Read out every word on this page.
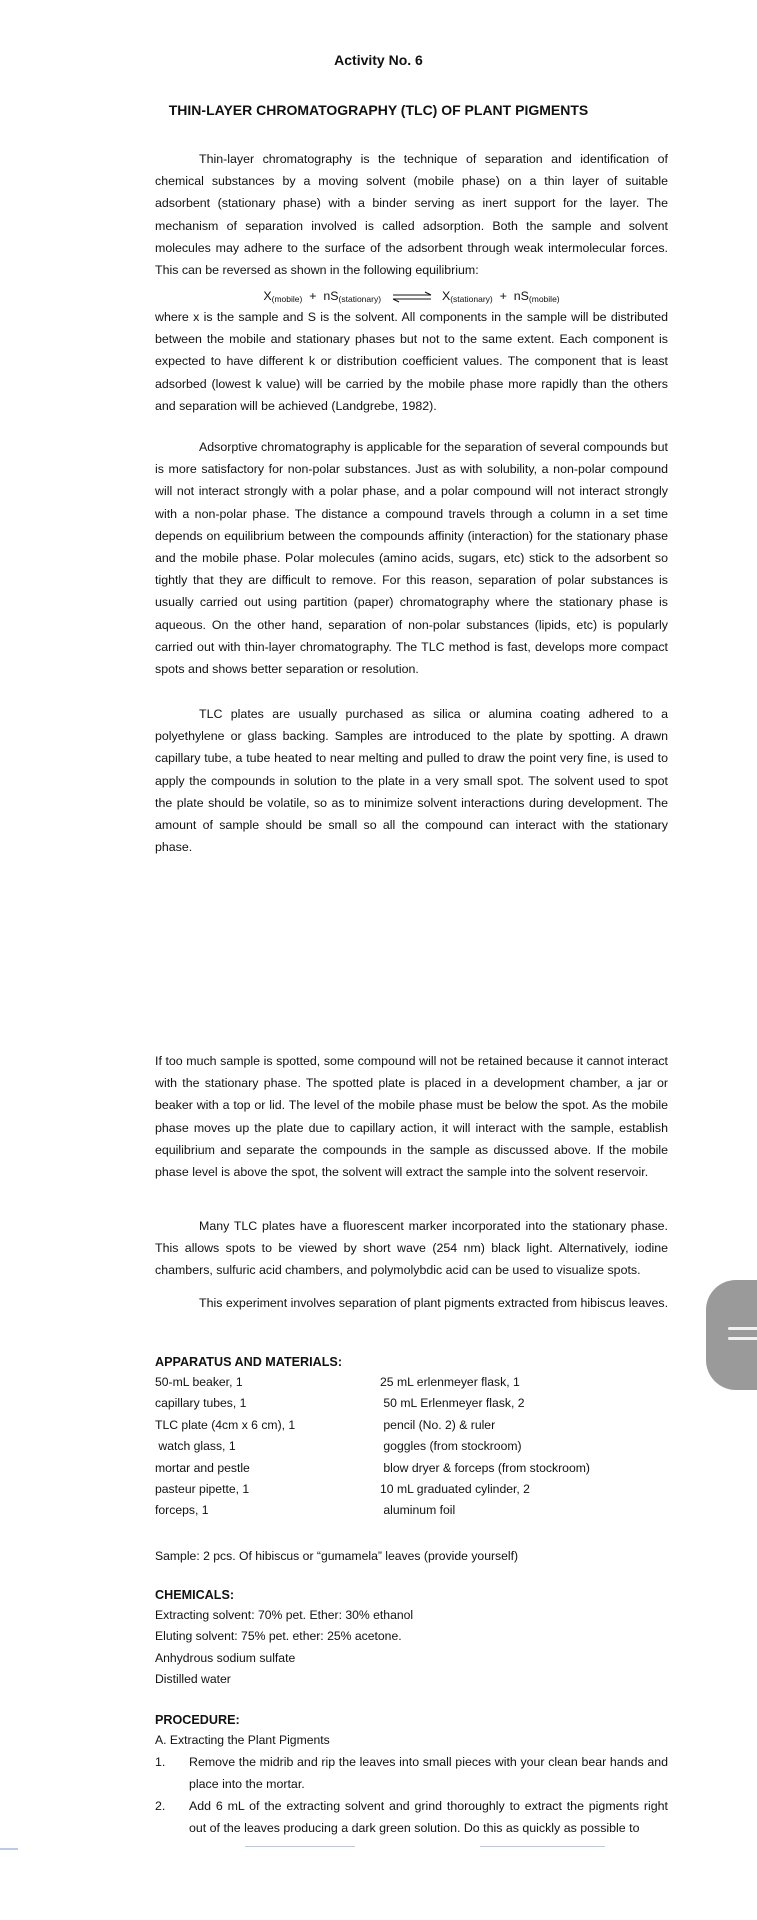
Activity No. 6
THIN-LAYER CHROMATOGRAPHY (TLC) OF PLANT PIGMENTS

Thin-layer chromatography is the technique of separation and identification of chemical substances by a moving solvent (mobile phase) on a thin layer of suitable adsorbent (stationary phase) with a binder serving as inert support for the layer. The mechanism of separation involved is called adsorption. Both the sample and solvent molecules may adhere to the surface of the adsorbent through weak intermolecular forces. This can be reversed as shown in the following equilibrium:

$X_{(mobile)} + nS_{(stationary)}$ ⇌ $X_{(stationary)} + nS_{(mobile)}$

where x is the sample and S is the solvent. All components in the sample will be distributed between the mobile and stationary phases but not to the same extent. Each component is expected to have different k or distribution coefficient values. The component that is least adsorbed (lowest k value) will be carried by the mobile phase more rapidly than the others and separation will be achieved (Landgrebe, 1982).

Adsorptive chromatography is applicable for the separation of several compounds but is more satisfactory for non-polar substances. Just as with solubility, a non-polar compound will not interact strongly with a polar phase, and a polar compound will not interact strongly with a non-polar phase. The distance a compound travels through a column in a set time depends on equilibrium between the compounds affinity (interaction) for the stationary phase and the mobile phase. Polar molecules (amino acids, sugars, etc) stick to the adsorbent so tightly that they are difficult to remove. For this reason, separation of polar substances is usually carried out using partition (paper) chromatography where the stationary phase is aqueous. On the other hand, separation of non-polar substances (lipids, etc) is popularly carried out with thin-layer chromatography. The TLC method is fast, develops more compact spots and shows better separation or resolution.

TLC plates are usually purchased as silica or alumina coating adhered to a polyethylene or glass backing. Samples are introduced to the plate by spotting. A drawn capillary tube, a tube heated to near melting and pulled to draw the point very fine, is used to apply the compounds in solution to the plate in a very small spot. The solvent used to spot the plate should be volatile, so as to minimize solvent interactions during development. The amount of sample should be small so all the compound can interact with the stationary phase.

If too much sample is spotted, some compound will not be retained because it cannot interact with the stationary phase. The spotted plate is placed in a development chamber, a jar or beaker with a top or lid. The level of the mobile phase must be below the spot. As the mobile phase moves up the plate due to capillary action, it will interact with the sample, establish equilibrium and separate the compounds in the sample as discussed above. If the mobile phase level is above the spot, the solvent will extract the sample into the solvent reservoir.

Many TLC plates have a fluorescent marker incorporated into the stationary phase. This allows spots to be viewed by short wave (254 nm) black light. Alternatively, iodine chambers, sulfuric acid chambers, and polymolybdic acid can be used to visualize spots.

This experiment involves separation of plant pigments extracted from hibiscus leaves.

APPARATUS AND MATERIALS:

50-mL beaker, 1
capillary tubes, 1
TLC plate (4cm x 6 cm), 1
watch glass, 1
mortar and pestle
pasteur pipette, 1
forceps, 1
25 mL erlenmeyer flask, 1
50 mL Erlenmeyer flask, 2
pencil (No. 2) & ruler
goggles (from stockroom)
blow dryer & forceps (from stockroom)
10 mL graduated cylinder, 2
aluminum foil

Sample: 2 pcs. Of hibiscus or “gumamela” leaves (provide yourself)

CHEMICALS:

Extracting solvent: 70% pet. Ether: 30% ethanol

Eluting solvent: 75% pet. ether: 25% acetone.

Anhydrous sodium sulfate

Distilled water

PROCEDURE:

A. Extracting the Plant Pigments

1.	Remove the midrib and rip the leaves into small pieces with your clean bear hands and place into the mortar.
2.	Add 6 mL of the extracting solvent and grind thoroughly to extract the pigments right out of the leaves producing a dark green solution. Do this as quickly as possible to
